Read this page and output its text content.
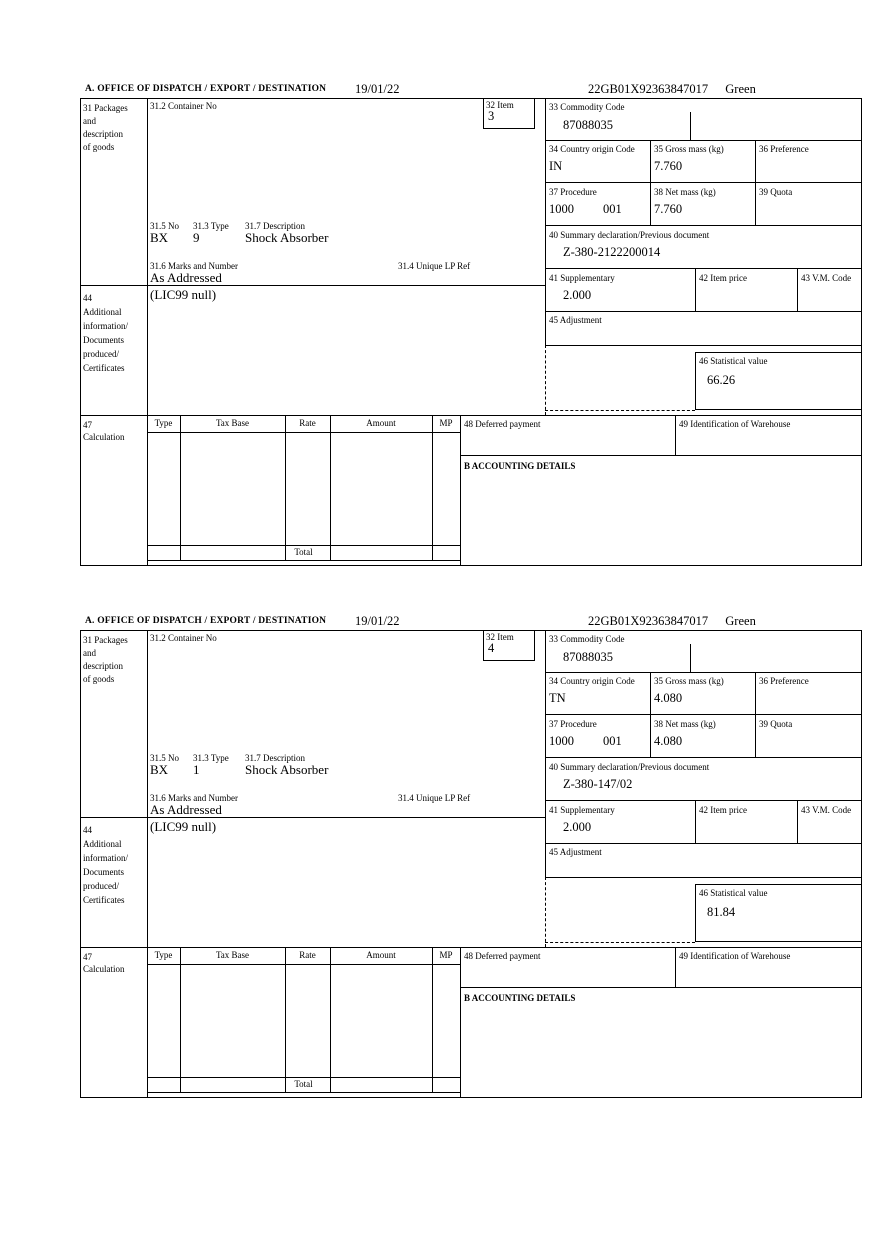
A. OFFICE OF DISPATCH / EXPORT / DESTINATION 19/01/22	22GB01X92363847017 Green
31 Packages
and
description
of goods
44
Additional
information/
Documents
produced/
Certificates
47
Calculation
31.2 Container No	32 Item
3
31.5 No 31.3 Type 31.7 Description
BX 9	Shock Absorber
31.6 Marks and Number	31.4 Unique LP Ref
As Addressed
(LIC99 null)
33 Commodity Code
87088035
34 Country origin Code
IN
35 Gross mass (kg)
7.760
36 Preference
37 Procedure
1000 001
38 Net mass (kg)
7.760
39 Quota
40 Summary declaration/Previous document
Z-380-2122200014
41 Supplementary
2.000
42 Item price	43 V.M. Code
45 Adjustment
46 Statistical value
66.26
Type	Tax Base	Rate	Amount	MP
Total
48 Deferred payment	49 Identification of Warehouse
B ACCOUNTING DETAILS
A. OFFICE OF DISPATCH / EXPORT / DESTINATION 19/01/22	22GB01X92363847017 Green
31 Packages
and
description
of goods
44
Additional
information/
Documents
produced/
Certificates
47
Calculation
31.2 Container No	32 Item
4
31.5 No 31.3 Type 31.7 Description
BX 1	Shock Absorber
31.6 Marks and Number	31.4 Unique LP Ref
As Addressed
(LIC99 null)
33 Commodity Code
87088035
34 Country origin Code
TN
35 Gross mass (kg)
4.080
36 Preference
37 Procedure
1000 001
38 Net mass (kg)
4.080
39 Quota
40 Summary declaration/Previous document
Z-380-147/02
41 Supplementary
2.000
42 Item price	43 V.M. Code
45 Adjustment
46 Statistical value
81.84
Type	Tax Base	Rate	Amount	MP
Total
48 Deferred payment	49 Identification of Warehouse
B ACCOUNTING DETAILS
